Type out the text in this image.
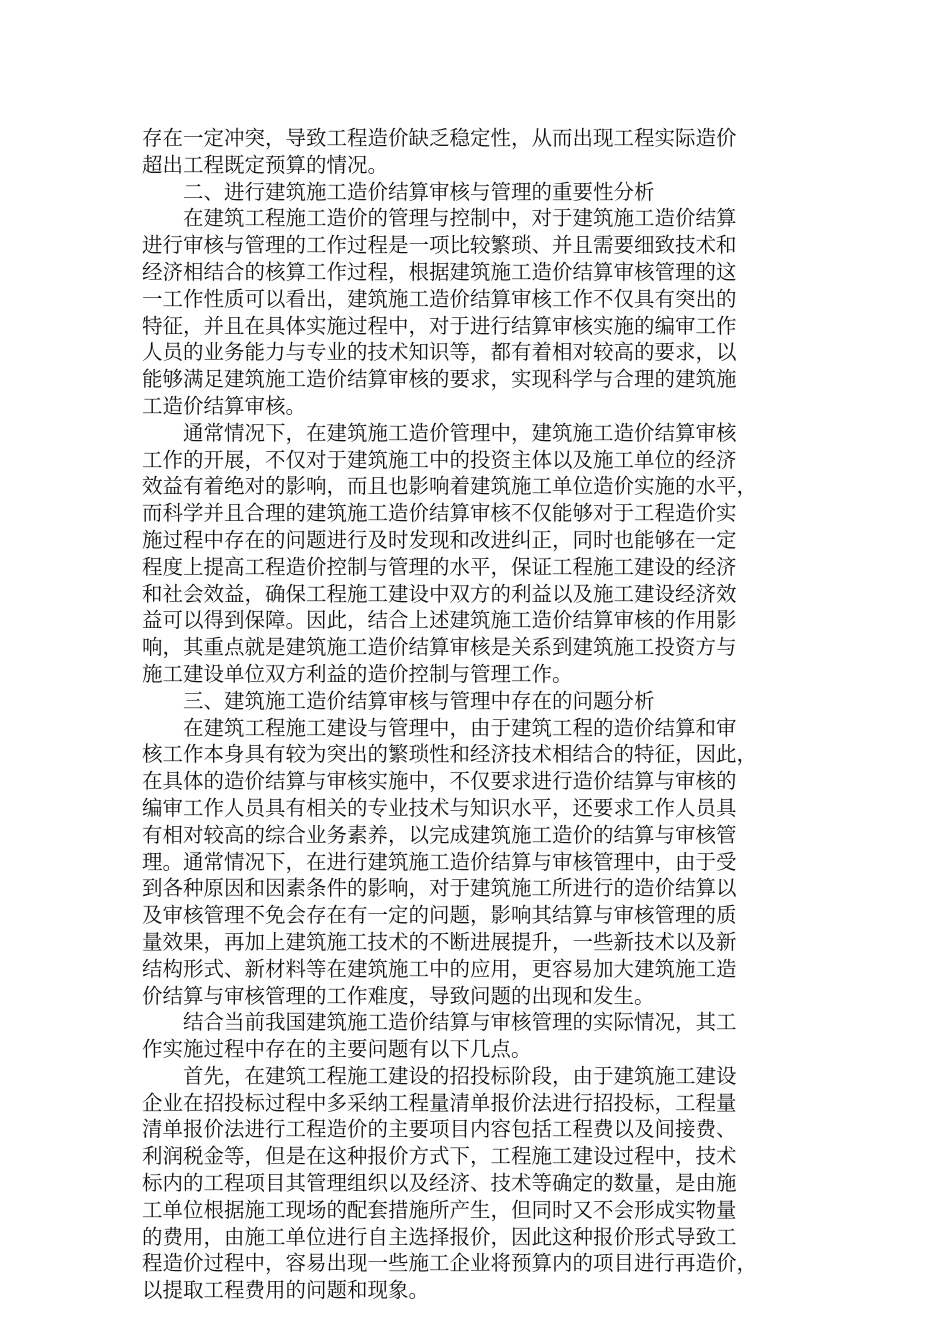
存在一定冲突，导致工程造价缺乏稳定性，从而出现工程实际造价
超出工程既定预算的情况。
二、进行建筑施工造价结算审核与管理的重要性分析
在建筑工程施工造价的管理与控制中，对于建筑施工造价结算
进行审核与管理的工作过程是一项比较繁琐、并且需要细致技术和
经济相结合的核算工作过程，根据建筑施工造价结算审核管理的这
一工作性质可以看出，建筑施工造价结算审核工作不仅具有突出的
特征，并且在具体实施过程中，对于进行结算审核实施的编审工作
人员的业务能力与专业的技术知识等，都有着相对较高的要求，以
能够满足建筑施工造价结算审核的要求，实现科学与合理的建筑施
工造价结算审核。
通常情况下，在建筑施工造价管理中，建筑施工造价结算审核
工作的开展，不仅对于建筑施工中的投资主体以及施工单位的经济
效益有着绝对的影响，而且也影响着建筑施工单位造价实施的水平，
而科学并且合理的建筑施工造价结算审核不仅能够对于工程造价实
施过程中存在的问题进行及时发现和改进纠正，同时也能够在一定
程度上提高工程造价控制与管理的水平，保证工程施工建设的经济
和社会效益，确保工程施工建设中双方的利益以及施工建设经济效
益可以得到保障。因此，结合上述建筑施工造价结算审核的作用影
响，其重点就是建筑施工造价结算审核是关系到建筑施工投资方与
施工建设单位双方利益的造价控制与管理工作。
三、建筑施工造价结算审核与管理中存在的问题分析
在建筑工程施工建设与管理中，由于建筑工程的造价结算和审
核工作本身具有较为突出的繁琐性和经济技术相结合的特征，因此，
在具体的造价结算与审核实施中，不仅要求进行造价结算与审核的
编审工作人员具有相关的专业技术与知识水平，还要求工作人员具
有相对较高的综合业务素养，以完成建筑施工造价的结算与审核管
理。通常情况下，在进行建筑施工造价结算与审核管理中，由于受
到各种原因和因素条件的影响，对于建筑施工所进行的造价结算以
及审核管理不免会存在有一定的问题，影响其结算与审核管理的质
量效果，再加上建筑施工技术的不断进展提升，一些新技术以及新
结构形式、新材料等在建筑施工中的应用，更容易加大建筑施工造
价结算与审核管理的工作难度，导致问题的出现和发生。
结合当前我国建筑施工造价结算与审核管理的实际情况，其工
作实施过程中存在的主要问题有以下几点。
首先，在建筑工程施工建设的招投标阶段，由于建筑施工建设
企业在招投标过程中多采纳工程量清单报价法进行招投标，工程量
清单报价法进行工程造价的主要项目内容包括工程费以及间接费、
利润税金等，但是在这种报价方式下，工程施工建设过程中，技术
标内的工程项目其管理组织以及经济、技术等确定的数量，是由施
工单位根据施工现场的配套措施所产生，但同时又不会形成实物量
的费用，由施工单位进行自主选择报价，因此这种报价形式导致工
程造价过程中，容易出现一些施工企业将预算内的项目进行再造价，
以提取工程费用的问题和现象。
